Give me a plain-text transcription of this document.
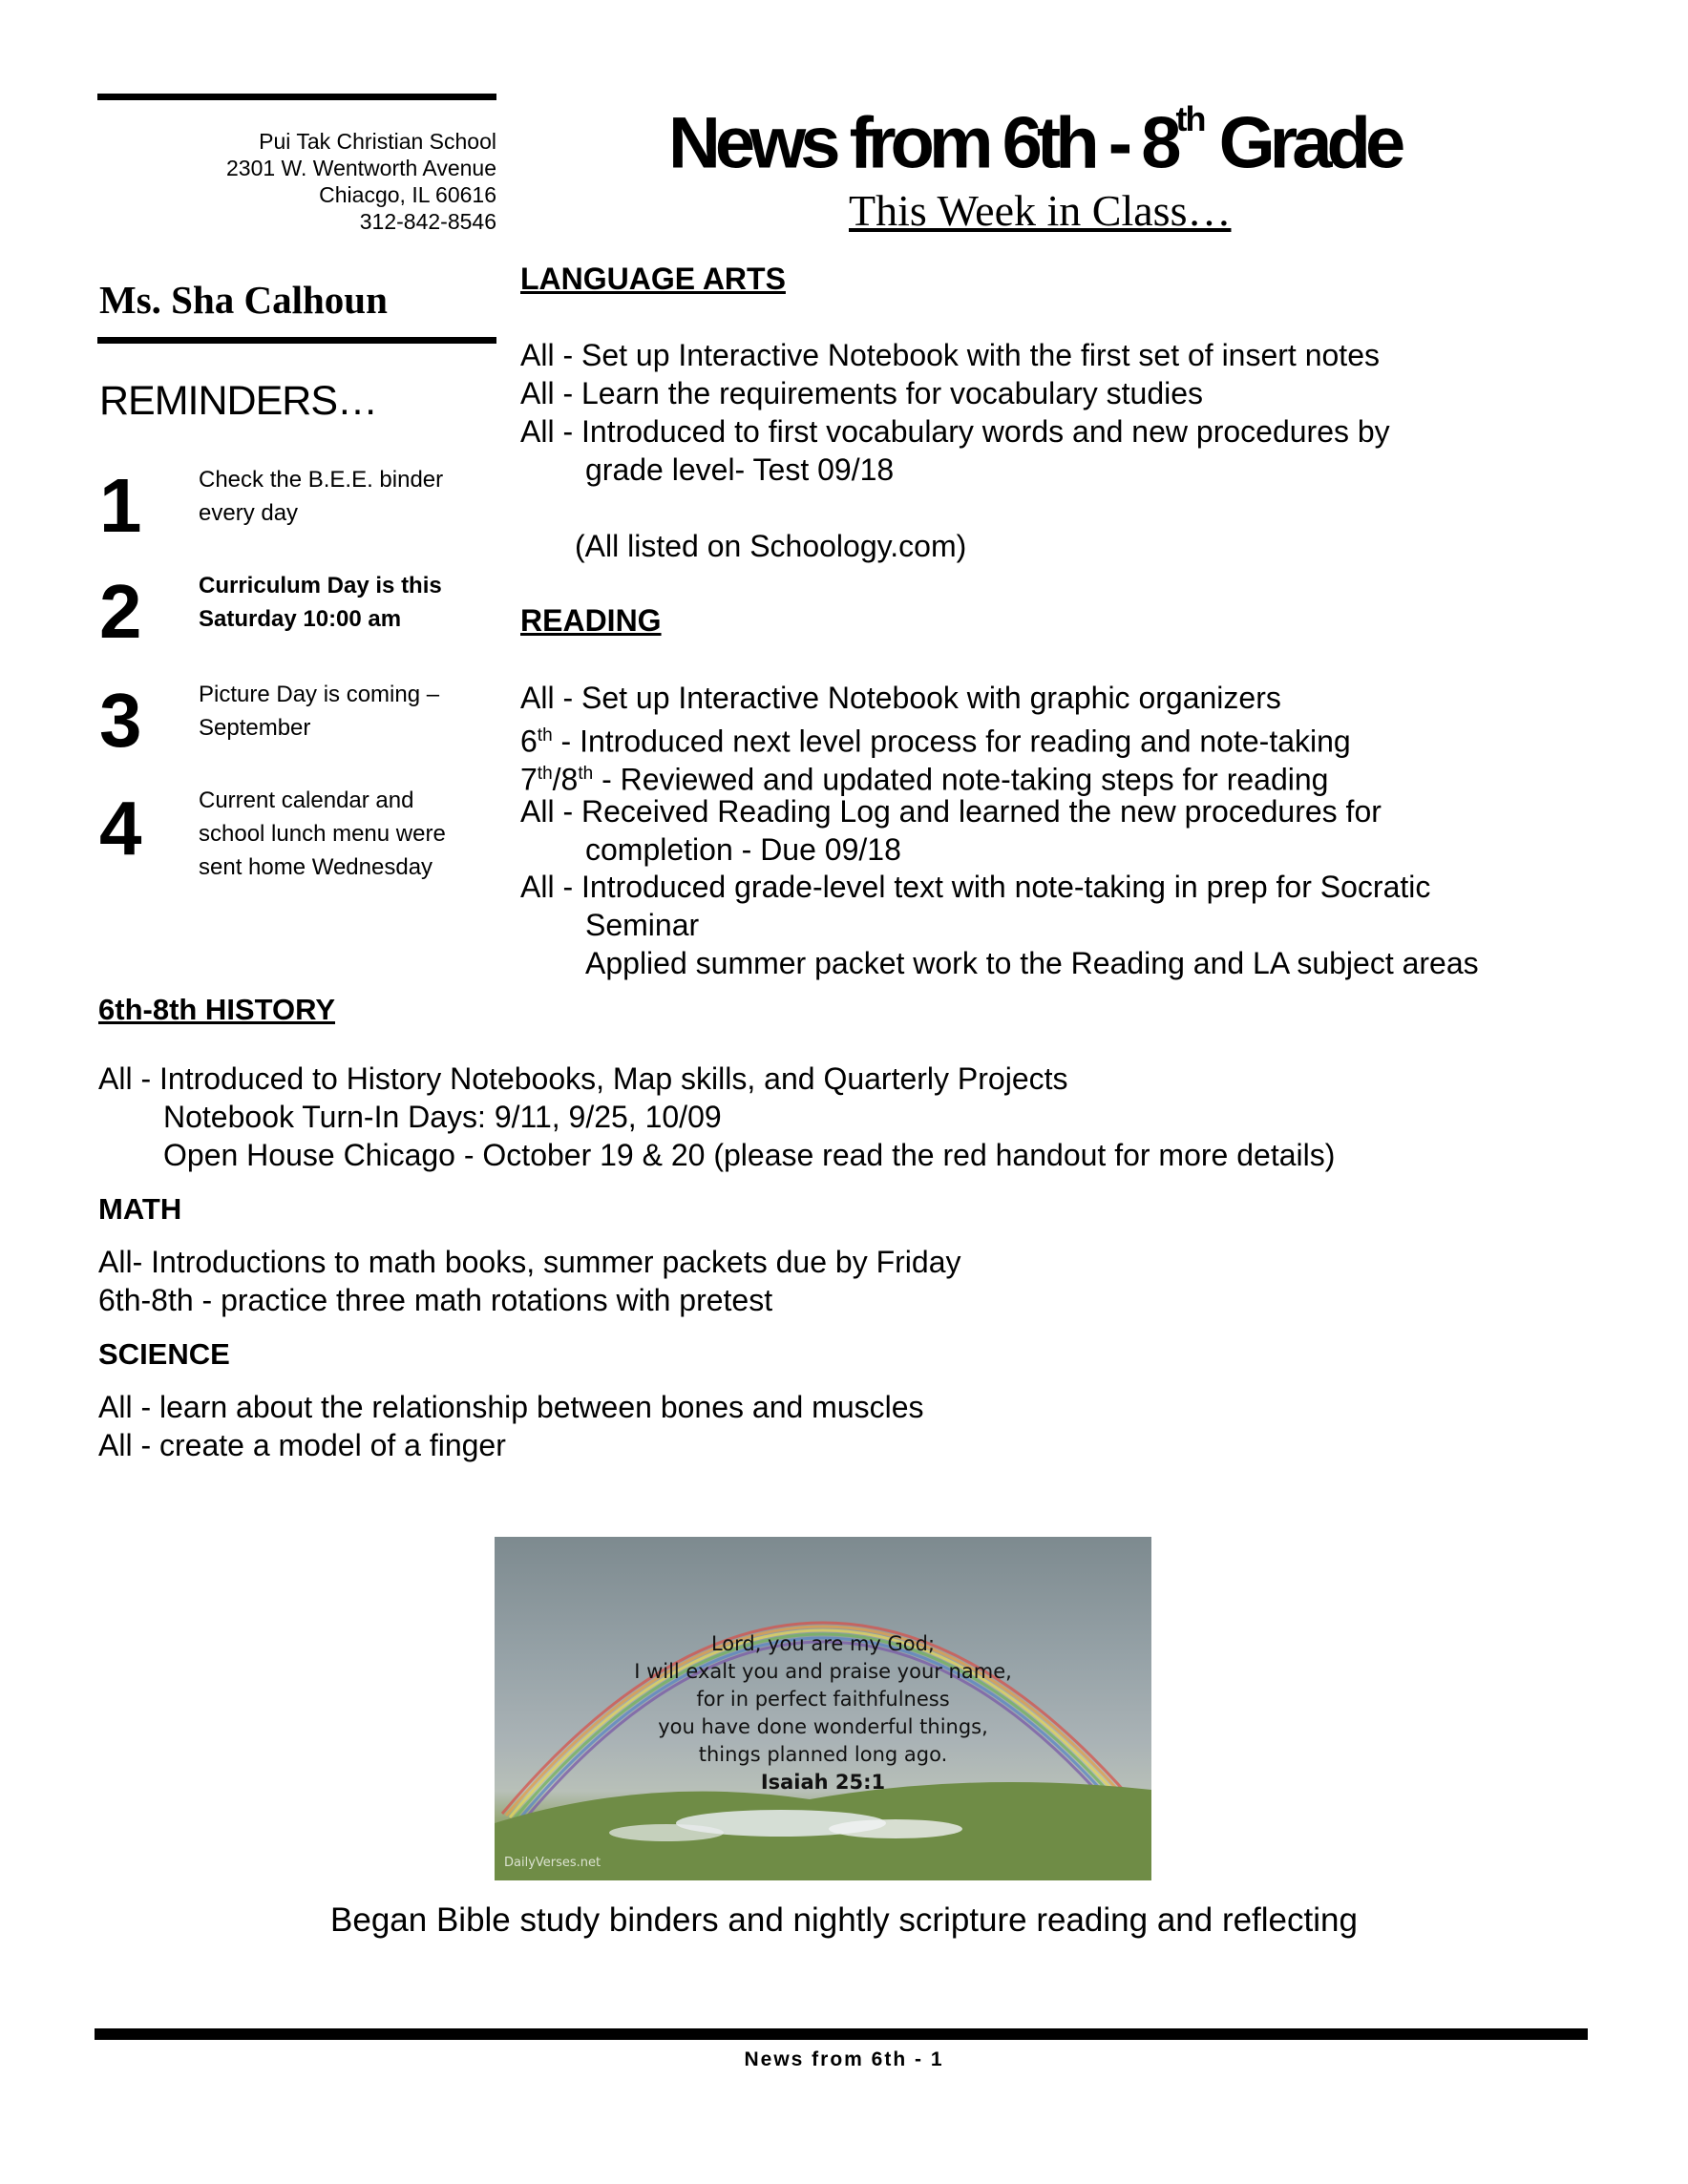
Pui Tak Christian School
2301 W. Wentworth Avenue
Chiacgo, IL 60616
312-842-8546
Ms. Sha Calhoun
REMINDERS…
1 Check the B.E.E. binder
every day
2 Curriculum Day is this
Saturday 10:00 am
3 Picture Day is coming –
September
4 Current calendar and
school lunch menu were
sent home Wednesday
News from 6th - 8th Grade
This Week in Class…
LANGUAGE ARTS
All - Set up Interactive Notebook with the first set of insert notes
All - Learn the requirements for vocabulary studies
All - Introduced to first vocabulary words and new procedures by
grade level- Test 09/18
(All listed on Schoology.com)
READING
All - Set up Interactive Notebook with graphic organizers
6th - Introduced next level process for reading and note-taking
7th/8th - Reviewed and updated note-taking steps for reading
All - Received Reading Log and learned the new procedures for
completion - Due 09/18
All - Introduced grade-level text with note-taking in prep for Socratic
Seminar
Applied summer packet work to the Reading and LA subject areas
6th-8th HISTORY
All - Introduced to History Notebooks, Map skills, and Quarterly Projects
Notebook Turn-In Days: 9/11, 9/25, 10/09
Open House Chicago - October 19 & 20 (please read the red handout for more details)
MATH
All- Introductions to math books, summer packets due by Friday
6th-8th - practice three math rotations with pretest
SCIENCE
All - learn about the relationship between bones and muscles
All - create a model of a finger
Lord, you are my God;
I will exalt you and praise your name,
for in perfect faithfulness
you have done wonderful things,
things planned long ago.
Isaiah 25:1
DailyVerses.net
Began Bible study binders and nightly scripture reading and reflecting
News from 6th - 1
